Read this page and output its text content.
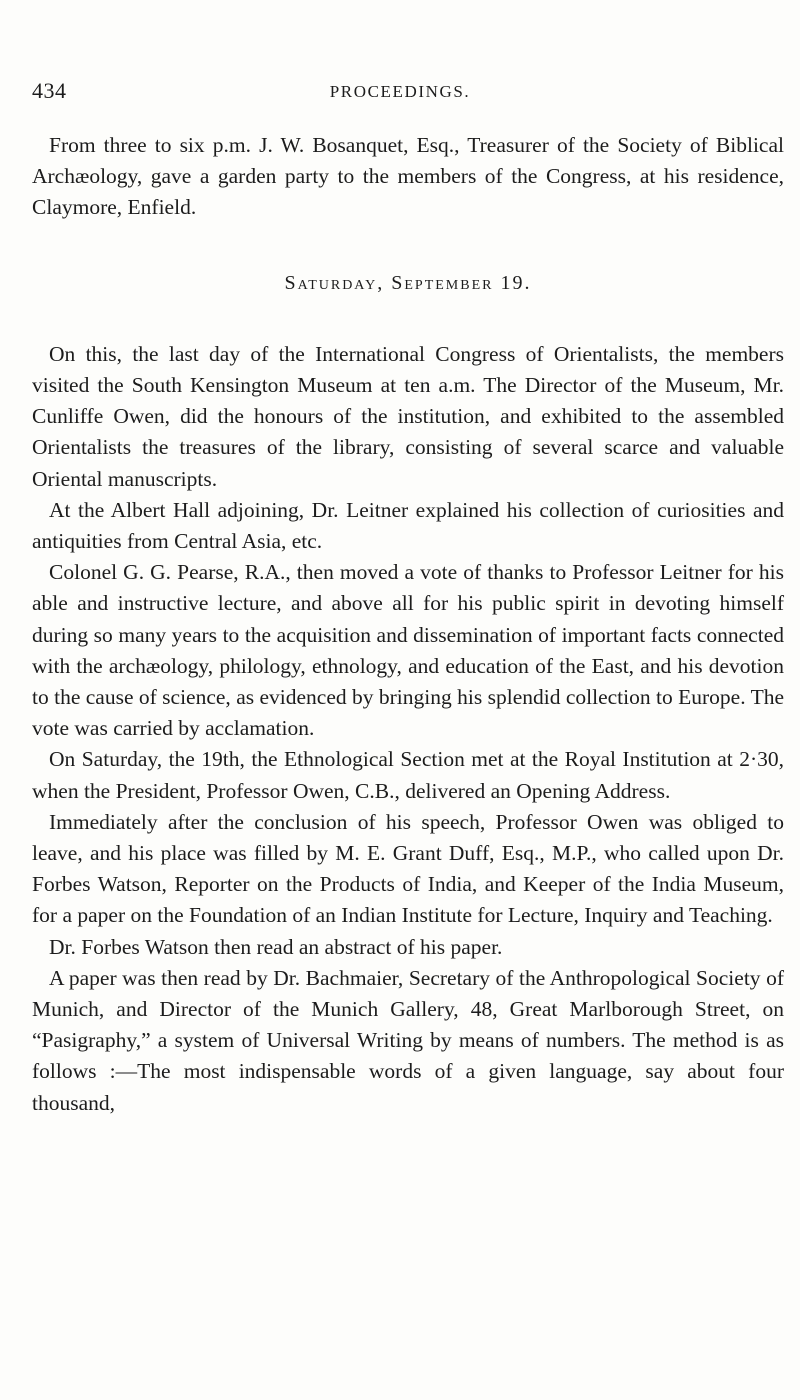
434	PROCEEDINGS.

From three to six p.m. J. W. Bosanquet, Esq., Treasurer of the Society of Biblical Archæology, gave a garden party to the members of the Congress, at his residence, Claymore, Enfield.

Saturday, September 19.

On this, the last day of the International Congress of Orientalists, the members visited the South Kensington Museum at ten a.m. The Director of the Museum, Mr. Cunliffe Owen, did the honours of the institution, and exhibited to the assembled Orientalists the treasures of the library, consisting of several scarce and valuable Oriental manuscripts.

At the Albert Hall adjoining, Dr. Leitner explained his collection of curiosities and antiquities from Central Asia, etc.

Colonel G. G. Pearse, R.A., then moved a vote of thanks to Professor Leitner for his able and instructive lecture, and above all for his public spirit in devoting himself during so many years to the acquisition and dissemination of important facts connected with the archæology, philology, ethnology, and education of the East, and his devotion to the cause of science, as evidenced by bringing his splendid collection to Europe. The vote was carried by acclamation.

On Saturday, the 19th, the Ethnological Section met at the Royal Institution at 2·30, when the President, Professor Owen, C.B., delivered an Opening Address.

Immediately after the conclusion of his speech, Professor Owen was obliged to leave, and his place was filled by M. E. Grant Duff, Esq., M.P., who called upon Dr. Forbes Watson, Reporter on the Products of India, and Keeper of the India Museum, for a paper on the Foundation of an Indian Institute for Lecture, Inquiry and Teaching.

Dr. Forbes Watson then read an abstract of his paper.

A paper was then read by Dr. Bachmaier, Secretary of the Anthropological Society of Munich, and Director of the Munich Gallery, 48, Great Marlborough Street, on “Pasigraphy,” a system of Universal Writing by means of numbers. The method is as follows :—The most indispensable words of a given language, say about four thousand,
